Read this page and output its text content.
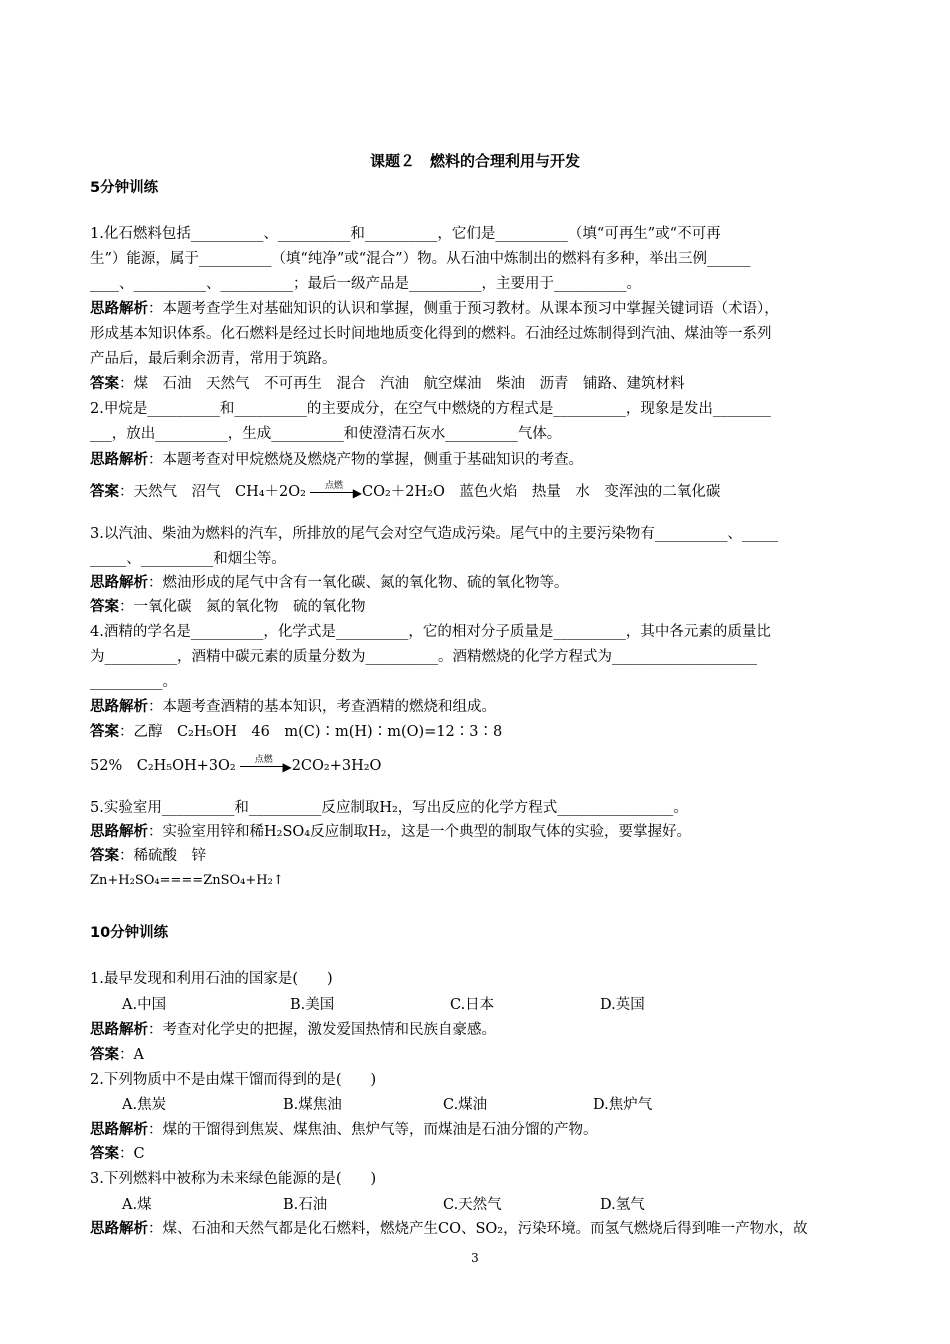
课题２　燃料的合理利用与开发
5分钟训练
1.化石燃料包括__________、__________和__________，它们是__________（填“可再生”或“不可再
生”）能源，属于__________（填“纯净”或“混合”）物。从石油中炼制出的燃料有多种，举出三例______
____、__________、__________；最后一级产品是__________，主要用于__________。
思路解析：本题考查学生对基础知识的认识和掌握，侧重于预习教材。从课本预习中掌握关键词语（术语），
形成基本知识体系。化石燃料是经过长时间地地质变化得到的燃料。石油经过炼制得到汽油、煤油等一系列
产品后，最后剩余沥青，常用于筑路。
答案：煤　石油　天然气　不可再生　混合　汽油　航空煤油　柴油　沥青　铺路、建筑材料
2.甲烷是__________和__________的主要成分，在空气中燃烧的方程式是__________，现象是发出________
___，放出__________，生成__________和使澄清石灰水__________气体。
思路解析：本题考查对甲烷燃烧及燃烧产物的掌握，侧重于基础知识的考查。
答案：天然气　沼气　CH₄＋2O₂	点燃 ▶ CO₂＋2H₂O　蓝色火焰　热量　水　变浑浊的二氧化碳
3.以汽油、柴油为燃料的汽车，所排放的尾气会对空气造成污染。尾气中的主要污染物有__________、_____
_____、__________和烟尘等。
思路解析：燃油形成的尾气中含有一氧化碳、氮的氧化物、硫的氧化物等。
答案：一氧化碳　氮的氧化物　硫的氧化物
4.酒精的学名是__________，化学式是__________，它的相对分子质量是__________，其中各元素的质量比
为__________，酒精中碳元素的质量分数为__________。酒精燃烧的化学方程式为____________________
__________。
思路解析：本题考查酒精的基本知识，考查酒精的燃烧和组成。
答案：乙醇　C₂H₅OH　46　m(C)∶m(H)∶m(O)=12∶3∶8
52%　C₂H₅OH+3O₂	点燃 ▶ 2CO₂+3H₂O
5.实验室用__________和__________反应制取H₂，写出反应的化学方程式________________。
思路解析：实验室用锌和稀H₂SO₄反应制取H₂，这是一个典型的制取气体的实验，要掌握好。
答案：稀硫酸　锌
Zn+H₂SO₄====ZnSO₄+H₂↑
10分钟训练
1.最早发现和利用石油的国家是(　　)
A.中国	B.美国	C.日本	D.英国
思路解析：考查对化学史的把握，激发爱国热情和民族自豪感。
答案：A
2.下列物质中不是由煤干馏而得到的是(　　)
A.焦炭	B.煤焦油	C.煤油	D.焦炉气
思路解析：煤的干馏得到焦炭、煤焦油、焦炉气等，而煤油是石油分馏的产物。
答案：C
3.下列燃料中被称为未来绿色能源的是(　　)
A.煤	B.石油	C.天然气	D.氢气
思路解析：煤、石油和天然气都是化石燃料，燃烧产生CO、SO₂，污染环境。而氢气燃烧后得到唯一产物水，故
3
